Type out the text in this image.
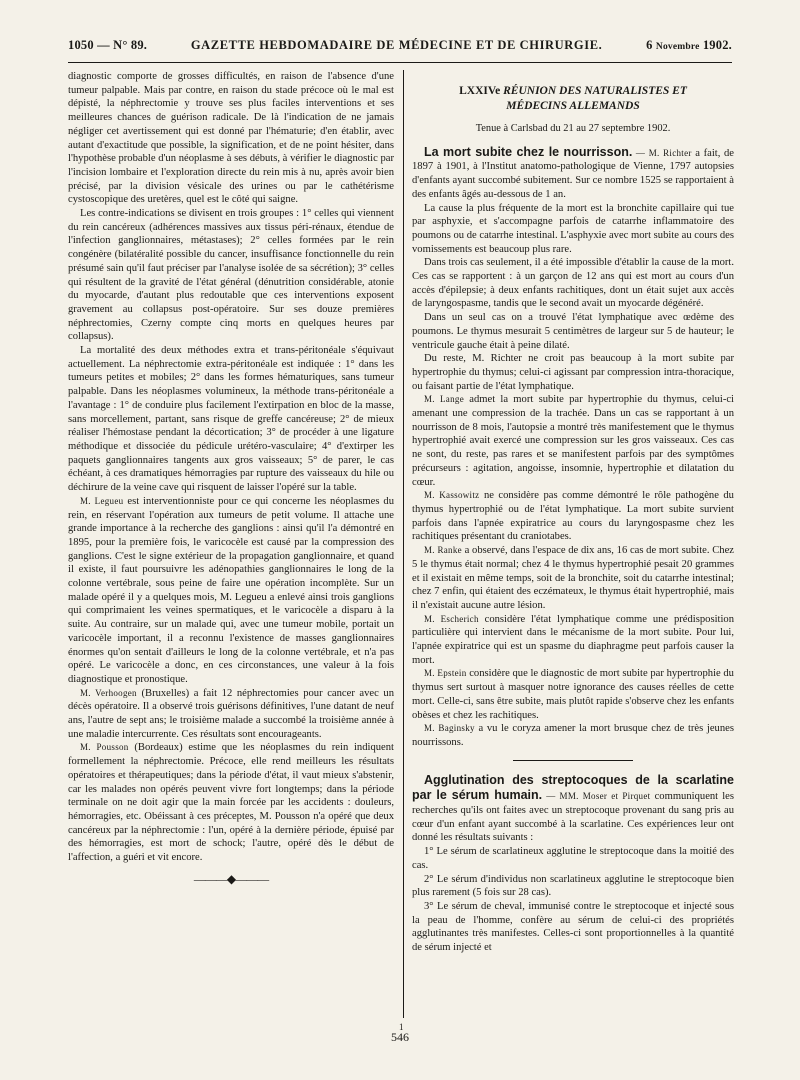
1050 — N° 89.	GAZETTE HEBDOMADAIRE DE MÉDECINE ET DE CHIRURGIE.	6 Novembre 1902.

diagnostic comporte de grosses difficultés, en raison de l'absence d'une tumeur palpable. Mais par contre, en raison du stade précoce où le mal est dépisté, la néphrectomie y trouve ses plus faciles interventions et ses meilleures chances de guérison radicale. De là l'indication de ne jamais négliger cet avertissement qui est donné par l'hématurie; d'en établir, avec autant d'exactitude que possible, la signification, et de ne point hésiter, dans l'hypothèse probable d'un néoplasme à ses débuts, à vérifier le diagnostic par l'incision lombaire et l'exploration directe du rein mis à nu, après avoir bien précisé, par la division vésicale des urines ou par le cathétérisme cystoscopique des uretères, quel est le côté qui saigne.

Les contre-indications se divisent en trois groupes : 1° celles qui viennent du rein cancéreux (adhérences massives aux tissus péri-rénaux, étendue de l'infection ganglionnaires, métastases); 2° celles formées par le rein congénère (bilatéralité possible du cancer, insuffisance fonctionnelle du rein présumé sain qu'il faut préciser par l'analyse isolée de sa sécrétion); 3° celles qui résultent de la gravité de l'état général (dénutrition considérable, atonie du myocarde, d'autant plus redoutable que ces interventions exposent gravement au collapsus post-opératoire. Sur ses douze premières néphrectomies, Czerny compte cinq morts en quelques heures par collapsus).

La mortalité des deux méthodes extra et trans-péritonéale s'équivaut actuellement. La néphrectomie extra-péritonéale est indiquée : 1° dans les tumeurs petites et mobiles; 2° dans les formes hématuriques, sans tumeur palpable. Dans les néoplasmes volumineux, la méthode trans-péritonéale a l'avantage : 1° de conduire plus facilement l'extirpation en bloc de la masse, sans morcellement, partant, sans risque de greffe cancéreuse; 2° de mieux réaliser l'hémostase pendant la décortication; 3° de procéder à une ligature méthodique et dissociée du pédicule urétéro-vasculaire; 4° d'extirper les paquets ganglionnaires tangents aux gros vaisseaux; 5° de parer, le cas échéant, à ces dramatiques hémorragies par rupture des vaisseaux du hile ou déchirure de la veine cave qui risquent de laisser l'opéré sur la table.

M. Legueu est interventionniste pour ce qui concerne les néoplasmes du rein, en réservant l'opération aux tumeurs de petit volume. Il attache une grande importance à la recherche des ganglions : ainsi qu'il l'a démontré en 1895, pour la première fois, le varicocèle est causé par la compression des ganglions. C'est le signe extérieur de la propagation ganglionnaire, et quand il existe, il faut poursuivre les adénopathies ganglionnaires le long de la colonne vertébrale, sous peine de faire une opération incomplète. Sur un malade opéré il y a quelques mois, M. Legueu a enlevé ainsi trois ganglions qui comprimaient les veines spermatiques, et le varicocèle a disparu à la suite. Au contraire, sur un malade qui, avec une tumeur mobile, portait un varicocèle important, il a reconnu l'existence de masses ganglionnaires énormes qu'on sentait d'ailleurs le long de la colonne vertébrale, et n'a pas opéré. Le varicocèle a donc, en ces circonstances, une valeur à la fois diagnostique et pronostique.

M. Verhoogen (Bruxelles) a fait 12 néphrectomies pour cancer avec un décès opératoire. Il a observé trois guérisons définitives, l'une datant de neuf ans, l'autre de sept ans; le troisième malade a succombé la troisième année à une maladie intercurrente. Ces résultats sont encourageants.

M. Pousson (Bordeaux) estime que les néoplasmes du rein indiquent formellement la néphrectomie. Précoce, elle rend meilleurs les résultats opératoires et thérapeutiques; dans la période d'état, il vaut mieux s'abstenir, car les malades non opérés peuvent vivre fort longtemps; dans la période terminale on ne doit agir que la main forcée par les accidents : douleurs, hémorragies, etc. Obéissant à ces préceptes, M. Pousson n'a opéré que deux cancéreux par la néphrectomie : l'un, opéré à la dernière période, épuisé par des hémorragies, est mort de schock; l'autre, opéré dès le début de l'affection, a guéri et vit encore.

———◆———

LXXIVe RÉUNION DES NATURALISTES ET
MÉDECINS ALLEMANDS
Tenue à Carlsbad du 21 au 27 septembre 1902.

La mort subite chez le nourrisson. — M. Richter a fait, de 1897 à 1901, à l'Institut anatomo-pathologique de Vienne, 1797 autopsies d'enfants ayant succombé subitement. Sur ce nombre 1525 se rapportaient à des enfants âgés au-dessous de 1 an.

La cause la plus fréquente de la mort est la bronchite capillaire qui tue par asphyxie, et s'accompagne parfois de catarrhe inflammatoire des poumons ou de catarrhe intestinal. L'asphyxie avec mort subite au cours des vomissements est beaucoup plus rare.

Dans trois cas seulement, il a été impossible d'établir la cause de la mort. Ces cas se rapportent : à un garçon de 12 ans qui est mort au cours d'un accès d'épilepsie; à deux enfants rachitiques, dont un était sujet aux accès de laryngospasme, tandis que le second avait un myocarde dégénéré.

Dans un seul cas on a trouvé l'état lymphatique avec œdème des poumons. Le thymus mesurait 5 centimètres de largeur sur 5 de hauteur; le ventricule gauche était à peine dilaté.

Du reste, M. Richter ne croit pas beaucoup à la mort subite par hypertrophie du thymus; celui-ci agissant par compression intra-thoracique, ou faisant partie de l'état lymphatique.

M. Lange admet la mort subite par hypertrophie du thymus, celui-ci amenant une compression de la trachée. Dans un cas se rapportant à un nourrisson de 8 mois, l'autopsie a montré très manifestement que le thymus hypertrophié avait exercé une compression sur les gros vaisseaux. Ces cas ne sont, du reste, pas rares et se manifestent parfois par des symptômes précurseurs : agitation, angoisse, insomnie, hypertrophie et dilatation du cœur.

M. Kassowitz ne considère pas comme démontré le rôle pathogène du thymus hypertrophié ou de l'état lymphatique. La mort subite survient parfois dans l'apnée expiratrice au cours du laryngospasme chez les rachitiques présentant du craniotabes.

M. Ranke a observé, dans l'espace de dix ans, 16 cas de mort subite. Chez 5 le thymus était normal; chez 4 le thymus hypertrophié pesait 20 grammes et il existait en même temps, soit de la bronchite, soit du catarrhe intestinal; chez 7 enfin, qui étaient des eczémateux, le thymus était hypertrophié, mais il n'existait aucune autre lésion.

M. Escherich considère l'état lymphatique comme une prédisposition particulière qui intervient dans le mécanisme de la mort subite. Pour lui, l'apnée expiratrice qui est un spasme du diaphragme peut parfois causer la mort.

M. Epstein considère que le diagnostic de mort subite par hypertrophie du thymus sert surtout à masquer notre ignorance des causes réelles de cette mort. Celle-ci, sans être subite, mais plutôt rapide s'observe chez les enfants obèses et chez les rachitiques.

M. Baginsky a vu le coryza amener la mort brusque chez de très jeunes nourrissons.

Agglutination des streptocoques de la scarlatine par le sérum humain. — MM. Moser et Pirquet communiquent les recherches qu'ils ont faites avec un streptocoque provenant du sang pris au cœur d'un enfant ayant succombé à la scarlatine. Ces expériences leur ont donné les résultats suivants :

1° Le sérum de scarlatineux agglutine le streptocoque dans la moitié des cas.

2° Le sérum d'individus non scarlatineux agglutine le streptocoque bien plus rarement (5 fois sur 28 cas).

3° Le sérum de cheval, immunisé contre le streptocoque et injecté sous la peau de l'homme, confère au sérum de celui-ci des propriétés agglutinantes très manifestes. Celles-ci sont proportionnelles à la quantité de sérum injecté et

1
546
